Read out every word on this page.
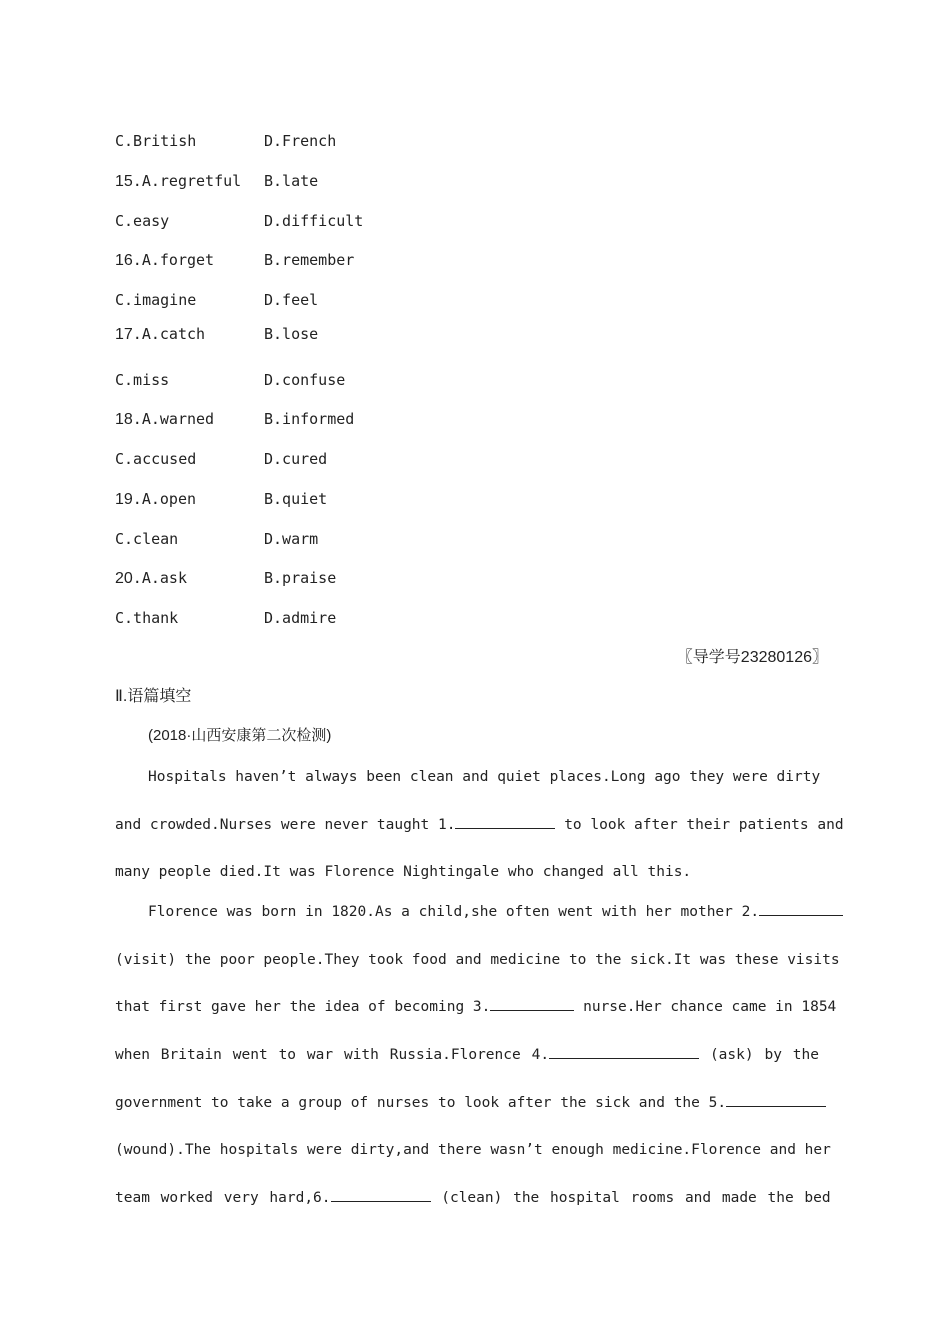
C.British	D.French
15.A.regretful B.late
C.easy	D.difficult
16.A.forget	B.remember
C.imagine	D.feel
17.A.catch	B.lose
C.miss	D.confuse
18.A.warned	B.informed
C.accused	D.cured
19.A.open	B.quiet
C.clean	D.warm
20.A.ask	B.praise
C.thank	D.admire
〖导学号23280126〗
Ⅱ.语篇填空
(2018·山西安康第二次检测)
Hospitals haven’t always been clean and quiet places.Long ago they were dirty
and crowded.Nurses were never taught 1.	to look after their patients and
many people died.It was Florence Nightingale who changed all this.
Florence was born in 1820.As a child,she often went with her mother 2.
(visit) the poor people.They took food and medicine to the sick.It was these visits
that first gave her the idea of becoming 3.	nurse.Her chance came in 1854
when Britain went to war with Russia.Florence 4.	(ask) by the
government to take a group of nurses to look after the sick and the 5.
(wound).The hospitals were dirty,and there wasn’t enough medicine.Florence and her
team worked very hard,6.	(clean) the hospital rooms and made the bed
